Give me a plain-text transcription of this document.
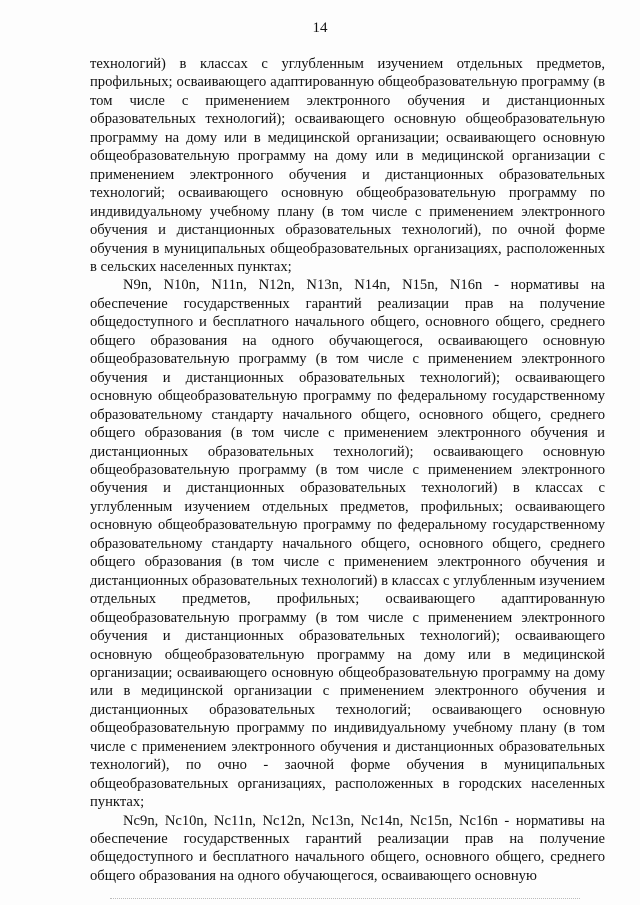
14

технологий) в классах с углубленным изучением отдельных предметов, профильных; осваивающего адаптированную общеобразовательную программу (в том числе с применением электронного обучения и дистанционных образовательных технологий); осваивающего основную общеобразовательную программу на дому или в медицинской организации; осваивающего основную общеобразовательную программу на дому или в медицинской организации с применением электронного обучения и дистанционных образовательных технологий; осваивающего основную общеобразовательную программу по индивидуальному учебному плану (в том числе с применением электронного обучения и дистанционных образовательных технологий), по очной форме обучения в муниципальных общеобразовательных организациях, расположенных в сельских населенных пунктах;

N9n, N10n, N11n, N12n, N13n, N14n, N15n, N16n - нормативы на обеспечение государственных гарантий реализации прав на получение общедоступного и бесплатного начального общего, основного общего, среднего общего образования на одного обучающегося, осваивающего основную общеобразовательную программу (в том числе с применением электронного обучения и дистанционных образовательных технологий); осваивающего основную общеобразовательную программу по федеральному государственному образовательному стандарту начального общего, основного общего, среднего общего образования (в том числе с применением электронного обучения и дистанционных образовательных технологий); осваивающего основную общеобразовательную программу (в том числе с применением электронного обучения и дистанционных образовательных технологий) в классах с углубленным изучением отдельных предметов, профильных; осваивающего основную общеобразовательную программу по федеральному государственному образовательному стандарту начального общего, основного общего, среднего общего образования (в том числе с применением электронного обучения и дистанционных образовательных технологий) в классах с углубленным изучением отдельных предметов, профильных; осваивающего адаптированную общеобразовательную программу (в том числе с применением электронного обучения и дистанционных образовательных технологий); осваивающего основную общеобразовательную программу на дому или в медицинской организации; осваивающего основную общеобразовательную программу на дому или в медицинской организации с применением электронного обучения и дистанционных образовательных технологий; осваивающего основную общеобразовательную программу по индивидуальному учебному плану (в том числе с применением электронного обучения и дистанционных образовательных технологий), по очно - заочной форме обучения в муниципальных общеобразовательных организациях, расположенных в городских населенных пунктах;

Nc9n, Nc10n, Nc11n, Nc12n, Nc13n, Nc14n, Nc15n, Nc16n - нормативы на обеспечение государственных гарантий реализации прав на получение общедоступного и бесплатного начального общего, основного общего, среднего общего образования на одного обучающегося, осваивающего основную
